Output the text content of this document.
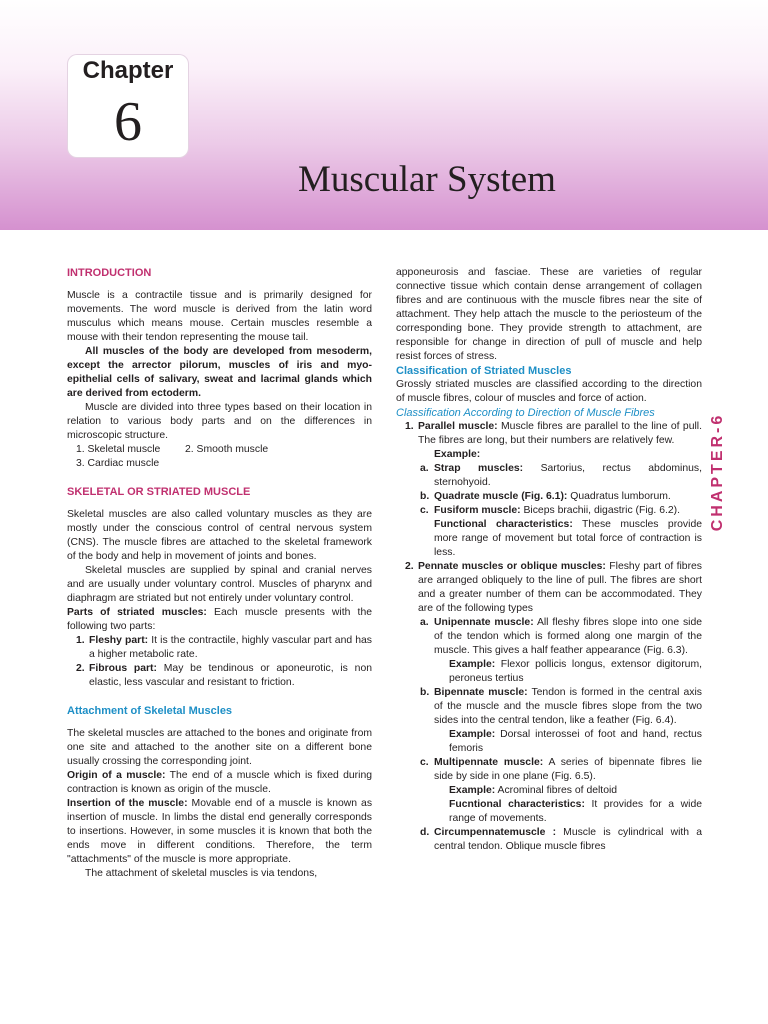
Chapter
6
Muscular System
CHAPTER-6

INTRODUCTION

Muscle is a contractile tissue and is primarily designed for movements. The word muscle is derived from the latin word musculus which means mouse. Certain muscles resemble a mouse with their tendon representing the mouse tail.

All muscles of the body are developed from mesoderm, except the arrector pilorum, muscles of iris and myo-epithelial cells of salivary, sweat and lacrimal glands which are derived from ectoderm.

Muscle are divided into three types based on their location in relation to various body parts and on the differences in microscopic structure.

1. Skeletal muscle	2. Smooth muscle
3. Cardiac muscle

SKELETAL OR STRIATED MUSCLE

Skeletal muscles are also called voluntary muscles as they are mostly under the conscious control of central nervous system (CNS). The muscle fibres are attached to the skeletal framework of the body and help in movement of joints and bones.

Skeletal muscles are supplied by spinal and cranial nerves and are usually under voluntary control. Muscles of pharynx and diaphragm are striated but not entirely under voluntary control.

Parts of striated muscles: Each muscle presents with the following two parts:

1. Fleshy part: It is the contractile, highly vascular part and has a higher metabolic rate.
2. Fibrous part: May be tendinous or aponeurotic, is non elastic, less vascular and resistant to friction.

Attachment of Skeletal Muscles

The skeletal muscles are attached to the bones and originate from one site and attached to the another site on a different bone usually crossing the corresponding joint.

Origin of a muscle: The end of a muscle which is fixed during contraction is known as origin of the muscle.

Insertion of the muscle: Movable end of a muscle is known as insertion of muscle. In limbs the distal end generally corresponds to insertions. However, in some muscles it is known that both the ends move in different conditions. Therefore, the term "attachments" of the muscle is more appropriate.

The attachment of skeletal muscles is via tendons,

apponeurosis and fasciae. These are varieties of regular connective tissue which contain dense arrangement of collagen fibres and are continuous with the muscle fibres near the site of attachment. They help attach the muscle to the periosteum of the corresponding bone. They provide strength to attachment, are responsible for change in direction of pull of muscle and help resist forces of stress.

Classification of Striated Muscles

Grossly striated muscles are classified according to the direction of muscle fibres, colour of muscles and force of action.

Classification According to Direction of Muscle Fibres

1. Parallel muscle: Muscle fibres are parallel to the line of pull. The fibres are long, but their numbers are relatively few.

Example:

a. Strap muscles: Sartorius, rectus abdominus, sternohyoid.
b. Quadrate muscle (Fig. 6.1): Quadratus lumborum.
c. Fusiform muscle: Biceps brachii, digastric (Fig. 6.2).

Functional characteristics: These muscles provide more range of movement but total force of contraction is less.

2. Pennate muscles or oblique muscles: Fleshy part of fibres are arranged obliquely to the line of pull. The fibres are short and a greater number of them can be accommodated. They are of the following types
a. Unipennate muscle: All fleshy fibres slope into one side of the tendon which is formed along one margin of the muscle. This gives a half feather appearance (Fig. 6.3).

Example: Flexor pollicis longus, extensor digitorum, peroneus tertius

b. Bipennate muscle: Tendon is formed in the central axis of the muscle and the muscle fibres slope from the two sides into the central tendon, like a feather (Fig. 6.4).

Example: Dorsal interossei of foot and hand, rectus femoris

c. Multipennate muscle: A series of bipennate fibres lie side by side in one plane (Fig. 6.5).

Example: Acrominal fibres of deltoid

Fucntional characteristics: It provides for a wide range of movements.

d. Circumpennatemuscle : Muscle is cylindrical with a central tendon. Oblique muscle fibres
